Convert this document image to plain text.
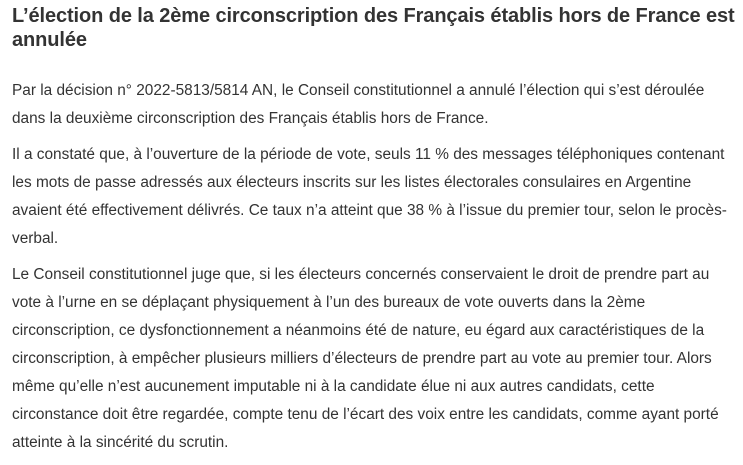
L’élection de la 2ème circonscription des Français établis hors de France est annulée

Par la décision n° 2022-5813/5814 AN, le Conseil constitutionnel a annulé l’élection qui s’est déroulée dans la deuxième circonscription des Français établis hors de France.

Il a constaté que, à l’ouverture de la période de vote, seuls 11 % des messages téléphoniques contenant les mots de passe adressés aux électeurs inscrits sur les listes électorales consulaires en Argentine avaient été effectivement délivrés. Ce taux n’a atteint que 38 % à l’issue du premier tour, selon le procès-verbal.

Le Conseil constitutionnel juge que, si les électeurs concernés conservaient le droit de prendre part au vote à l’urne en se déplaçant physiquement à l’un des bureaux de vote ouverts dans la 2ème circonscription, ce dysfonctionnement a néanmoins été de nature, eu égard aux caractéristiques de la circonscription, à empêcher plusieurs milliers d’électeurs de prendre part au vote au premier tour. Alors même qu’elle n’est aucunement imputable ni à la candidate élue ni aux autres candidats, cette circonstance doit être regardée, compte tenu de l’écart des voix entre les candidats, comme ayant porté atteinte à la sincérité du scrutin.
